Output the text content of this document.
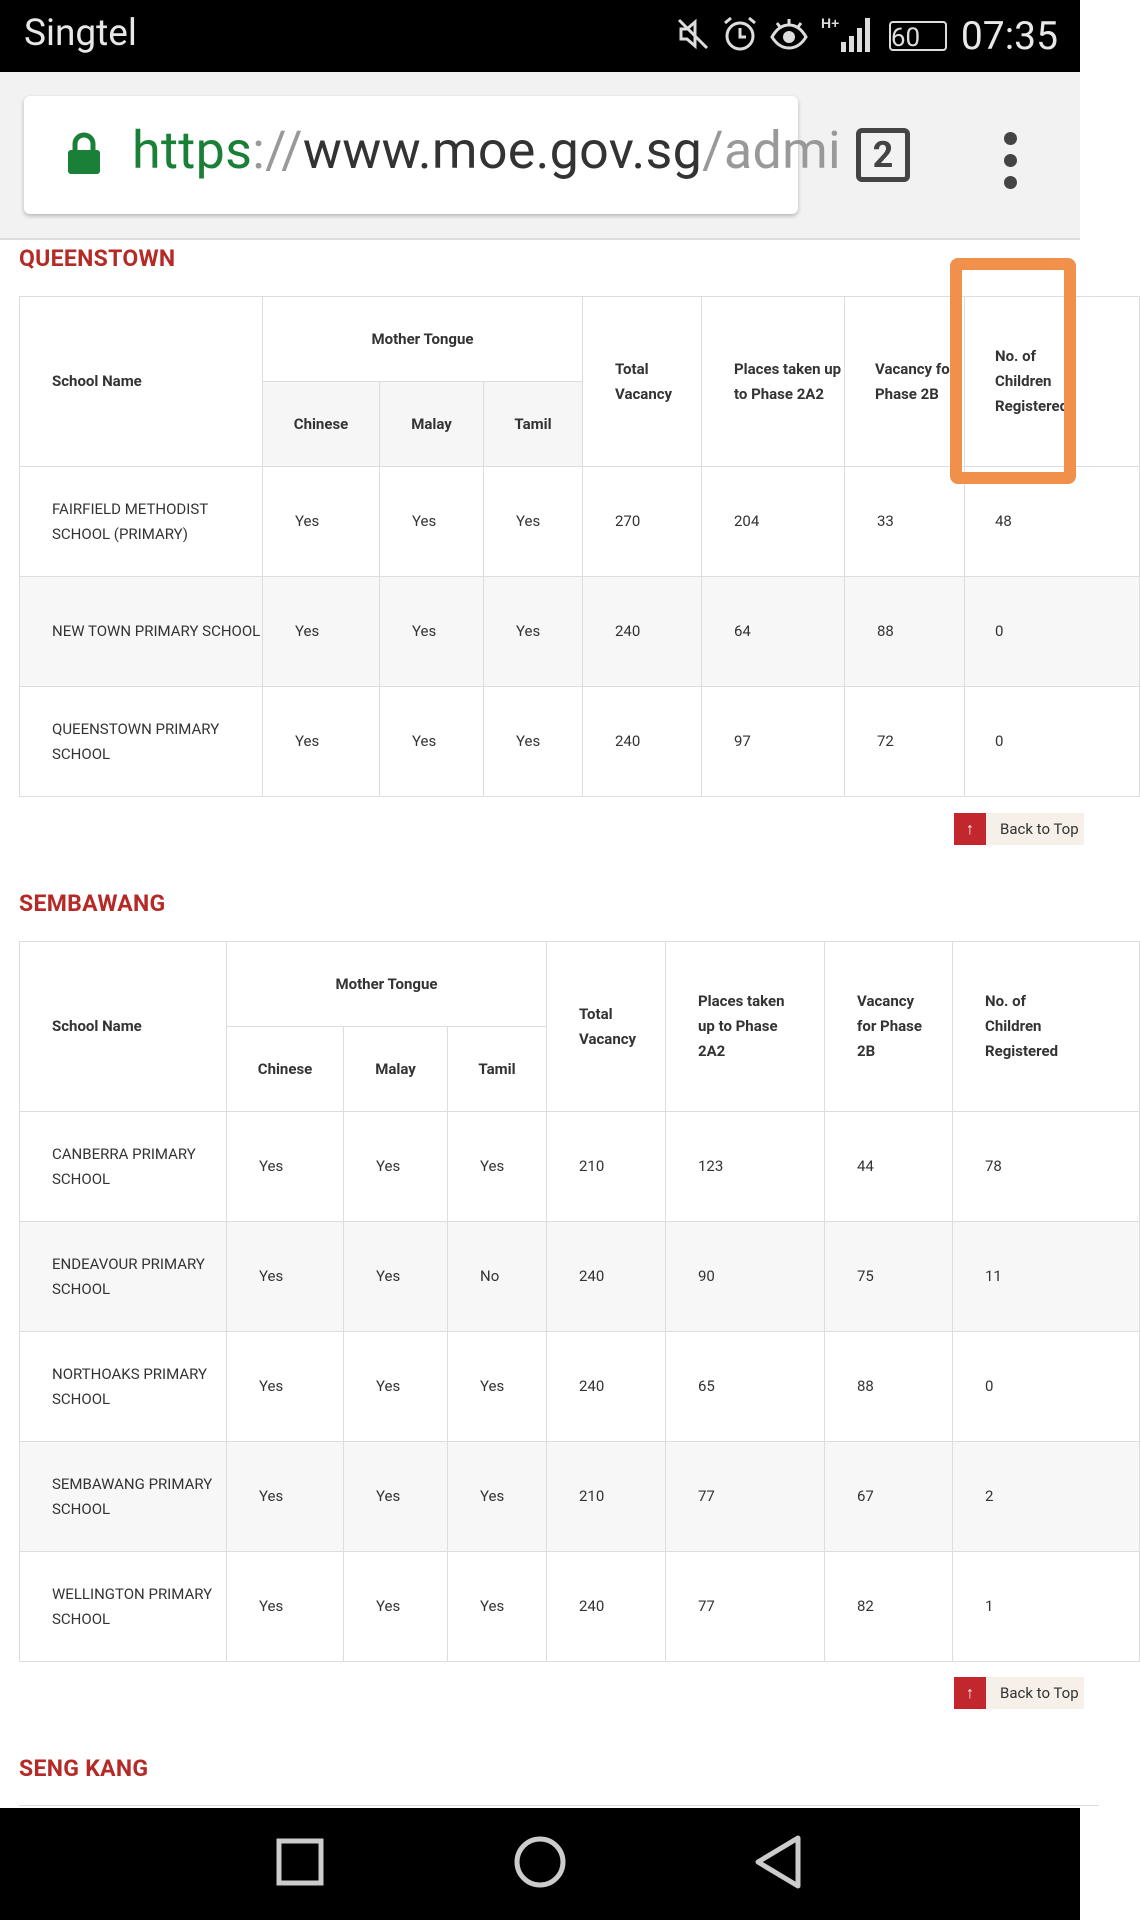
Singtel	H+ 60	07:35
https://www.moe.gov.sg/admi 2
QUEENSTOWN
School Name	Mother Tongue			Total Vacancy	Places taken up to Phase 2A2	Vacancy for Phase 2B	No. of Children Registered
	Chinese	Malay	Tamil				
FAIRFIELD METHODIST SCHOOL (PRIMARY)	Yes	Yes	Yes	270	204	33	48
NEW TOWN PRIMARY SCHOOL	Yes	Yes	Yes	240	64	88	0
QUEENSTOWN PRIMARY SCHOOL	Yes	Yes	Yes	240	97	72	0
↑	Back to Top
SEMBAWANG
School Name	Mother Tongue			Total Vacancy	Places taken up to Phase 2A2	Vacancy for Phase 2B	No. of Children Registered
	Chinese	Malay	Tamil				
CANBERRA PRIMARY SCHOOL	Yes	Yes	Yes	210	123	44	78
ENDEAVOUR PRIMARY SCHOOL	Yes	Yes	No	240	90	75	11
NORTHOAKS PRIMARY SCHOOL	Yes	Yes	Yes	240	65	88	0
SEMBAWANG PRIMARY SCHOOL	Yes	Yes	Yes	210	77	67	2
WELLINGTON PRIMARY SCHOOL	Yes	Yes	Yes	240	77	82	1
↑	Back to Top
SENG KANG
